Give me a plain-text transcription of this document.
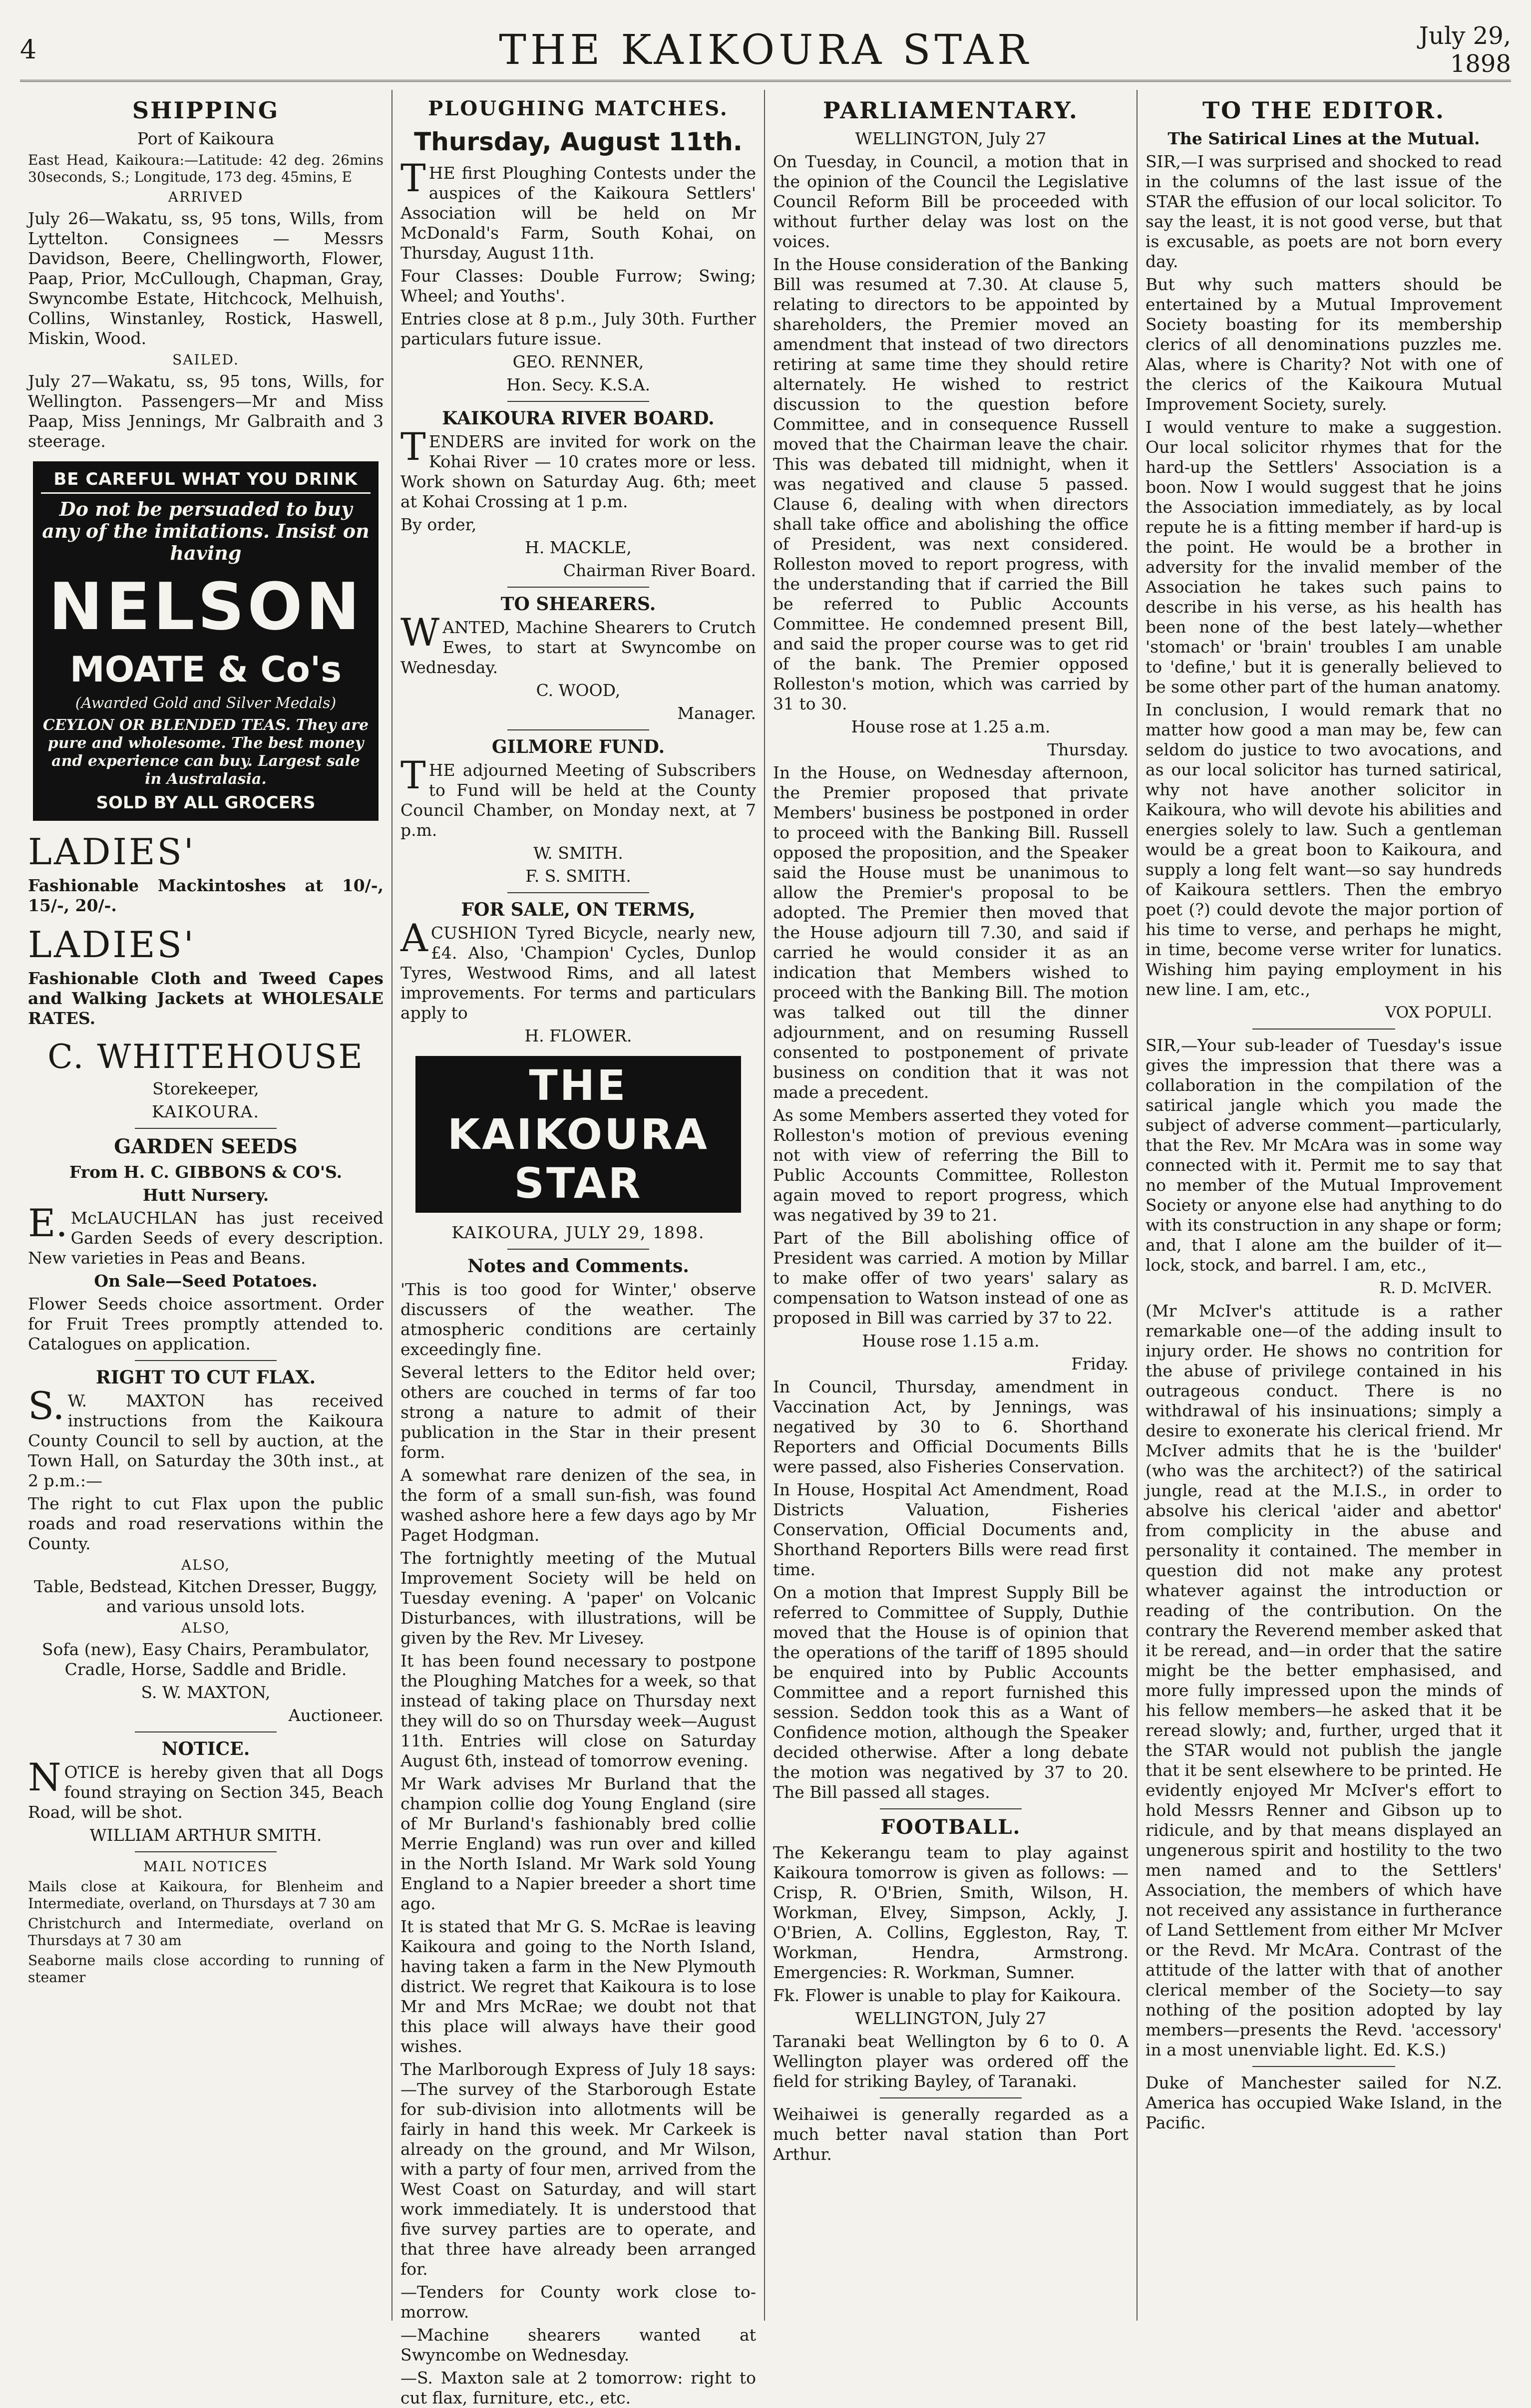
4	THE KAIKOURA STAR	July 29, 1898
SHIPPING

Port of Kaikoura

East Head, Kaikoura:—Latitude: 42 deg. 26mins 30seconds, S.; Longitude, 173 deg. 45mins, E

ARRIVED

July 26—Wakatu, ss, 95 tons, Wills, from Lyttelton. Consignees — Messrs Davidson, Beere, Chellingworth, Flower, Paap, Prior, McCullough, Chapman, Gray, Swyncombe Estate, Hitchcock, Melhuish, Collins, Winstanley, Rostick, Haswell, Miskin, Wood.

SAILED.

July 27—Wakatu, ss, 95 tons, Wills, for Wellington. Passengers—Mr and Miss Paap, Miss Jennings, Mr Galbraith and 3 steerage.

BE CAREFUL WHAT YOU DRINK
Do not be persuaded to buy any of the imitations. Insist on having
NELSON
MOATE & Co's
(Awarded Gold and Silver Medals)
CEYLON OR BLENDED TEAS. They are pure and wholesome. The best money and experience can buy. Largest sale in Australasia.
SOLD BY ALL GROCERS
LADIES'

Fashionable Mackintoshes at 10/-, 15/-, 20/-.

LADIES'

Fashionable Cloth and Tweed Capes and Walking Jackets at WHOLESALE RATES.

C. WHITEHOUSE

Storekeeper,

KAIKOURA.

GARDEN SEEDS

From H. C. GIBBONS & CO'S.

Hutt Nursery.

E.McLAUCHLAN has just received Garden Seeds of every description. New varieties in Peas and Beans.

On Sale—Seed Potatoes.

Flower Seeds choice assortment. Order for Fruit Trees promptly attended to. Catalogues on application.

RIGHT TO CUT FLAX.

S.W. MAXTON has received instructions from the Kaikoura County Council to sell by auction, at the Town Hall, on Saturday the 30th inst., at 2 p.m.:—

The right to cut Flax upon the public roads and road reservations within the County.

ALSO,

Table, Bedstead, Kitchen Dresser, Buggy, and various unsold lots.

ALSO,

Sofa (new), Easy Chairs, Perambulator, Cradle, Horse, Saddle and Bridle.

S. W. MAXTON,

Auctioneer.

NOTICE.

NOTICE is hereby given that all Dogs found straying on Section 345, Beach Road, will be shot.

WILLIAM ARTHUR SMITH.

MAIL NOTICES

Mails close at Kaikoura, for Blenheim and Intermediate, overland, on Thursdays at 7 30 am

Christchurch and Intermediate, overland on Thursdays at 7 30 am

Seaborne mails close according to running of steamer

PLOUGHING MATCHES.
Thursday, August 11th.

THE first Ploughing Contests under the auspices of the Kaikoura Settlers' Association will be held on Mr McDonald's Farm, South Kohai, on Thursday, August 11th.

Four Classes: Double Furrow; Swing; Wheel; and Youths'.

Entries close at 8 p.m., July 30th. Further particulars future issue.

GEO. RENNER,

Hon. Secy. K.S.A.

KAIKOURA RIVER BOARD.

TENDERS are invited for work on the Kohai River — 10 crates more or less. Work shown on Saturday Aug. 6th; meet at Kohai Crossing at 1 p.m.

By order,

H. MACKLE,

Chairman River Board.

TO SHEARERS.

WANTED, Machine Shearers to Crutch Ewes, to start at Swyncombe on Wednesday.

C. WOOD,

Manager.

GILMORE FUND.

THE adjourned Meeting of Subscribers to Fund will be held at the County Council Chamber, on Monday next, at 7 p.m.

W. SMITH.

F. S. SMITH.

FOR SALE, ON TERMS,

ACUSHION Tyred Bicycle, nearly new, £4. Also, 'Champion' Cycles, Dunlop Tyres, Westwood Rims, and all latest improvements. For terms and particulars apply to

H. FLOWER.

THE KAIKOURA STAR

KAIKOURA, JULY 29, 1898.

Notes and Comments.

'This is too good for Winter,' observe discussers of the weather. The atmospheric conditions are certainly exceedingly fine.

Several letters to the Editor held over; others are couched in terms of far too strong a nature to admit of their publication in the Star in their present form.

A somewhat rare denizen of the sea, in the form of a small sun-fish, was found washed ashore here a few days ago by Mr Paget Hodgman.

The fortnightly meeting of the Mutual Improvement Society will be held on Tuesday evening. A 'paper' on Volcanic Disturbances, with illustrations, will be given by the Rev. Mr Livesey.

It has been found necessary to postpone the Ploughing Matches for a week, so that instead of taking place on Thursday next they will do so on Thursday week—August 11th. Entries will close on Saturday August 6th, instead of tomorrow evening.

Mr Wark advises Mr Burland that the champion collie dog Young England (sire of Mr Burland's fashionably bred collie Merrie England) was run over and killed in the North Island. Mr Wark sold Young England to a Napier breeder a short time ago.

It is stated that Mr G. S. McRae is leaving Kaikoura and going to the North Island, having taken a farm in the New Plymouth district. We regret that Kaikoura is to lose Mr and Mrs McRae; we doubt not that this place will always have their good wishes.

The Marlborough Express of July 18 says:—The survey of the Starborough Estate for sub-division into allotments will be fairly in hand this week. Mr Carkeek is already on the ground, and Mr Wilson, with a party of four men, arrived from the West Coast on Saturday, and will start work immediately. It is understood that five survey parties are to operate, and that three have already been arranged for.

—Tenders for County work close to-morrow.

—Machine shearers wanted at Swyncombe on Wednesday.

—S. Maxton sale at 2 tomorrow: right to cut flax, furniture, etc., etc.

PARLIAMENTARY.

WELLINGTON, July 27

On Tuesday, in Council, a motion that in the opinion of the Council the Legislative Council Reform Bill be proceeded with without further delay was lost on the voices.

In the House consideration of the Banking Bill was resumed at 7.30. At clause 5, relating to directors to be appointed by shareholders, the Premier moved an amendment that instead of two directors retiring at same time they should retire alternately. He wished to restrict discussion to the question before Committee, and in consequence Russell moved that the Chairman leave the chair. This was debated till midnight, when it was negatived and clause 5 passed. Clause 6, dealing with when directors shall take office and abolishing the office of President, was next considered. Rolleston moved to report progress, with the understanding that if carried the Bill be referred to Public Accounts Committee. He condemned present Bill, and said the proper course was to get rid of the bank. The Premier opposed Rolleston's motion, which was carried by 31 to 30.

House rose at 1.25 a.m.

Thursday.

In the House, on Wednesday afternoon, the Premier proposed that private Members' business be postponed in order to proceed with the Banking Bill. Russell opposed the proposition, and the Speaker said the House must be unanimous to allow the Premier's proposal to be adopted. The Premier then moved that the House adjourn till 7.30, and said if carried he would consider it as an indication that Members wished to proceed with the Banking Bill. The motion was talked out till the dinner adjournment, and on resuming Russell consented to postponement of private business on condition that it was not made a precedent.

As some Members asserted they voted for Rolleston's motion of previous evening not with view of referring the Bill to Public Accounts Committee, Rolleston again moved to report progress, which was negatived by 39 to 21.

Part of the Bill abolishing office of President was carried. A motion by Millar to make offer of two years' salary as compensation to Watson instead of one as proposed in Bill was carried by 37 to 22.

House rose 1.15 a.m.

Friday.

In Council, Thursday, amendment in Vaccination Act, by Jennings, was negatived by 30 to 6. Shorthand Reporters and Official Documents Bills were passed, also Fisheries Conservation.

In House, Hospital Act Amendment, Road Districts Valuation, Fisheries Conservation, Official Documents and, Shorthand Reporters Bills were read first time.

On a motion that Imprest Supply Bill be referred to Committee of Supply, Duthie moved that the House is of opinion that the operations of the tariff of 1895 should be enquired into by Public Accounts Committee and a report furnished this session. Seddon took this as a Want of Confidence motion, although the Speaker decided otherwise. After a long debate the motion was negatived by 37 to 20. The Bill passed all stages.

FOOTBALL.

The Kekerangu team to play against Kaikoura tomorrow is given as follows: —Crisp, R. O'Brien, Smith, Wilson, H. Workman, Elvey, Simpson, Ackly, J. O'Brien, A. Collins, Eggleston, Ray, T. Workman, Hendra, Armstrong. Emergencies: R. Workman, Sumner.

Fk. Flower is unable to play for Kaikoura.

WELLINGTON, July 27

Taranaki beat Wellington by 6 to 0. A Wellington player was ordered off the field for striking Bayley, of Taranaki.

Weihaiwei is generally regarded as a much better naval station than Port Arthur.

TO THE EDITOR.

The Satirical Lines at the Mutual.

SIR,—I was surprised and shocked to read in the columns of the last issue of the STAR the effusion of our local solicitor. To say the least, it is not good verse, but that is excusable, as poets are not born every day.

But why such matters should be entertained by a Mutual Improvement Society boasting for its membership clerics of all denominations puzzles me. Alas, where is Charity? Not with one of the clerics of the Kaikoura Mutual Improvement Society, surely.

I would venture to make a suggestion. Our local solicitor rhymes that for the hard-up the Settlers' Association is a boon. Now I would suggest that he joins the Association immediately, as by local repute he is a fitting member if hard-up is the point. He would be a brother in adversity for the invalid member of the Association he takes such pains to describe in his verse, as his health has been none of the best lately—whether 'stomach' or 'brain' troubles I am unable to 'define,' but it is generally believed to be some other part of the human anatomy.

In conclusion, I would remark that no matter how good a man may be, few can seldom do justice to two avocations, and as our local solicitor has turned satirical, why not have another solicitor in Kaikoura, who will devote his abilities and energies solely to law. Such a gentleman would be a great boon to Kaikoura, and supply a long felt want—so say hundreds of Kaikoura settlers. Then the embryo poet (?) could devote the major portion of his time to verse, and perhaps he might, in time, become verse writer for lunatics. Wishing him paying employment in his new line. I am, etc.,

VOX POPULI.

SIR,—Your sub-leader of Tuesday's issue gives the impression that there was a collaboration in the compilation of the satirical jangle which you made the subject of adverse comment—particularly, that the Rev. Mr McAra was in some way connected with it. Permit me to say that no member of the Mutual Improvement Society or anyone else had anything to do with its construction in any shape or form; and, that I alone am the builder of it—lock, stock, and barrel. I am, etc.,

R. D. McIVER.

(Mr McIver's attitude is a rather remarkable one—of the adding insult to injury order. He shows no contrition for the abuse of privilege contained in his outrageous conduct. There is no withdrawal of his insinuations; simply a desire to exonerate his clerical friend. Mr McIver admits that he is the 'builder' (who was the architect?) of the satirical jungle, read at the M.I.S., in order to absolve his clerical 'aider and abettor' from complicity in the abuse and personality it contained. The member in question did not make any protest whatever against the introduction or reading of the contribution. On the contrary the Reverend member asked that it be reread, and—in order that the satire might be the better emphasised, and more fully impressed upon the minds of his fellow members—he asked that it be reread slowly; and, further, urged that it the STAR would not publish the jangle that it be sent elsewhere to be printed. He evidently enjoyed Mr McIver's effort to hold Messrs Renner and Gibson up to ridicule, and by that means displayed an ungenerous spirit and hostility to the two men named and to the Settlers' Association, the members of which have not received any assistance in furtherance of Land Settlement from either Mr McIver or the Revd. Mr McAra. Contrast of the attitude of the latter with that of another clerical member of the Society—to say nothing of the position adopted by lay members—presents the Revd. 'accessory' in a most unenviable light. Ed. K.S.)

Duke of Manchester sailed for N.Z. America has occupied Wake Island, in the Pacific.
